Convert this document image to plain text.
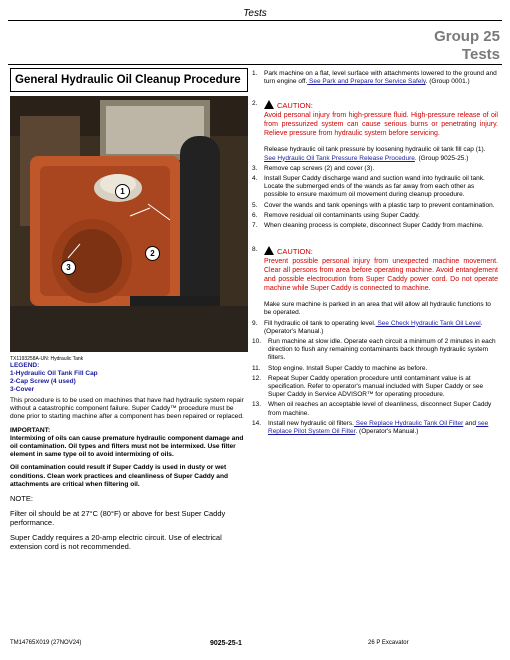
Tests
Group 25
Tests
General Hydraulic Oil Cleanup Procedure
1
2
3
TX1193258A-UN: Hydraulic Tank
LEGEND:
1-Hydraulic Oil Tank Fill Cap
2-Cap Screw (4 used)
3-Cover

This procedure is to be used on machines that have had hydraulic system repair without a catastrophic component failure. Super Caddy™ procedure must be done prior to starting machine after a component has been repaired or replaced.

IMPORTANT:

Intermixing of oils can cause premature hydraulic component damage and oil contamination. Oil types and filters must not be intermixed. Use filter element in same type oil to avoid intermixing of oils.

Oil contamination could result if Super Caddy is used in dusty or wet conditions. Clean work practices and cleanliness of Super Caddy and attachments are critical when filtering oil.

NOTE:

Filter oil should be at 27°C (80°F) or above for best Super Caddy performance.

Super Caddy requires a 20-amp electric circuit. Use of electrical extension cord is not recommended.

1. Park machine on a flat, level surface with attachments lowered to the ground and turn engine off. See Park and Prepare for Service Safely. (Group 0001.)
2.	CAUTION:
Avoid personal injury from high-pressure fluid. High-pressure release of oil from pressurized system can cause serious burns or penetrating injury. Relieve pressure from hydraulic system before servicing.
Release hydraulic oil tank pressure by loosening hydraulic oil tank fill cap (1). See Hydraulic Oil Tank Pressure Release Procedure. (Group 9025-25.)
3. Remove cap screws (2) and cover (3).
4. Install Super Caddy discharge wand and suction wand into hydraulic oil tank. Locate the submerged ends of the wands as far away from each other as possible to ensure maximum oil movement during cleanup procedure.
5. Cover the wands and tank openings with a plastic tarp to prevent contamination.
6. Remove residual oil contaminants using Super Caddy.
7. When cleaning process is complete, disconnect Super Caddy from machine.
8.	CAUTION:
Prevent possible personal injury from unexpected machine movement. Clear all persons from area before operating machine. Avoid entanglement and possible electrocution from Super Caddy power cord. Do not operate machine while Super Caddy is connected to machine.
Make sure machine is parked in an area that will allow all hydraulic functions to be operated.
9. Fill hydraulic oil tank to operating level. See Check Hydraulic Tank Oil Level. (Operator's Manual.)
10. Run machine at slow idle. Operate each circuit a minimum of 2 minutes in each direction to flush any remaining contaminants back through hydraulic system filters.
11. Stop engine. Install Super Caddy to machine as before.
12. Repeat Super Caddy operation procedure until contaminant value is at specification. Refer to operator's manual included with Super Caddy or see Super Caddy in Service ADVISOR™ for operating procedure.
13. When oil reaches an acceptable level of cleanliness, disconnect Super Caddy from machine.
14. Install new hydraulic oil filters. See Replace Hydraulic Tank Oil Filter and see Replace Pilot System Oil Filter. (Operator's Manual.)
TM14765X019 (27NOV24)	9025-25-1	26 P Excavator
